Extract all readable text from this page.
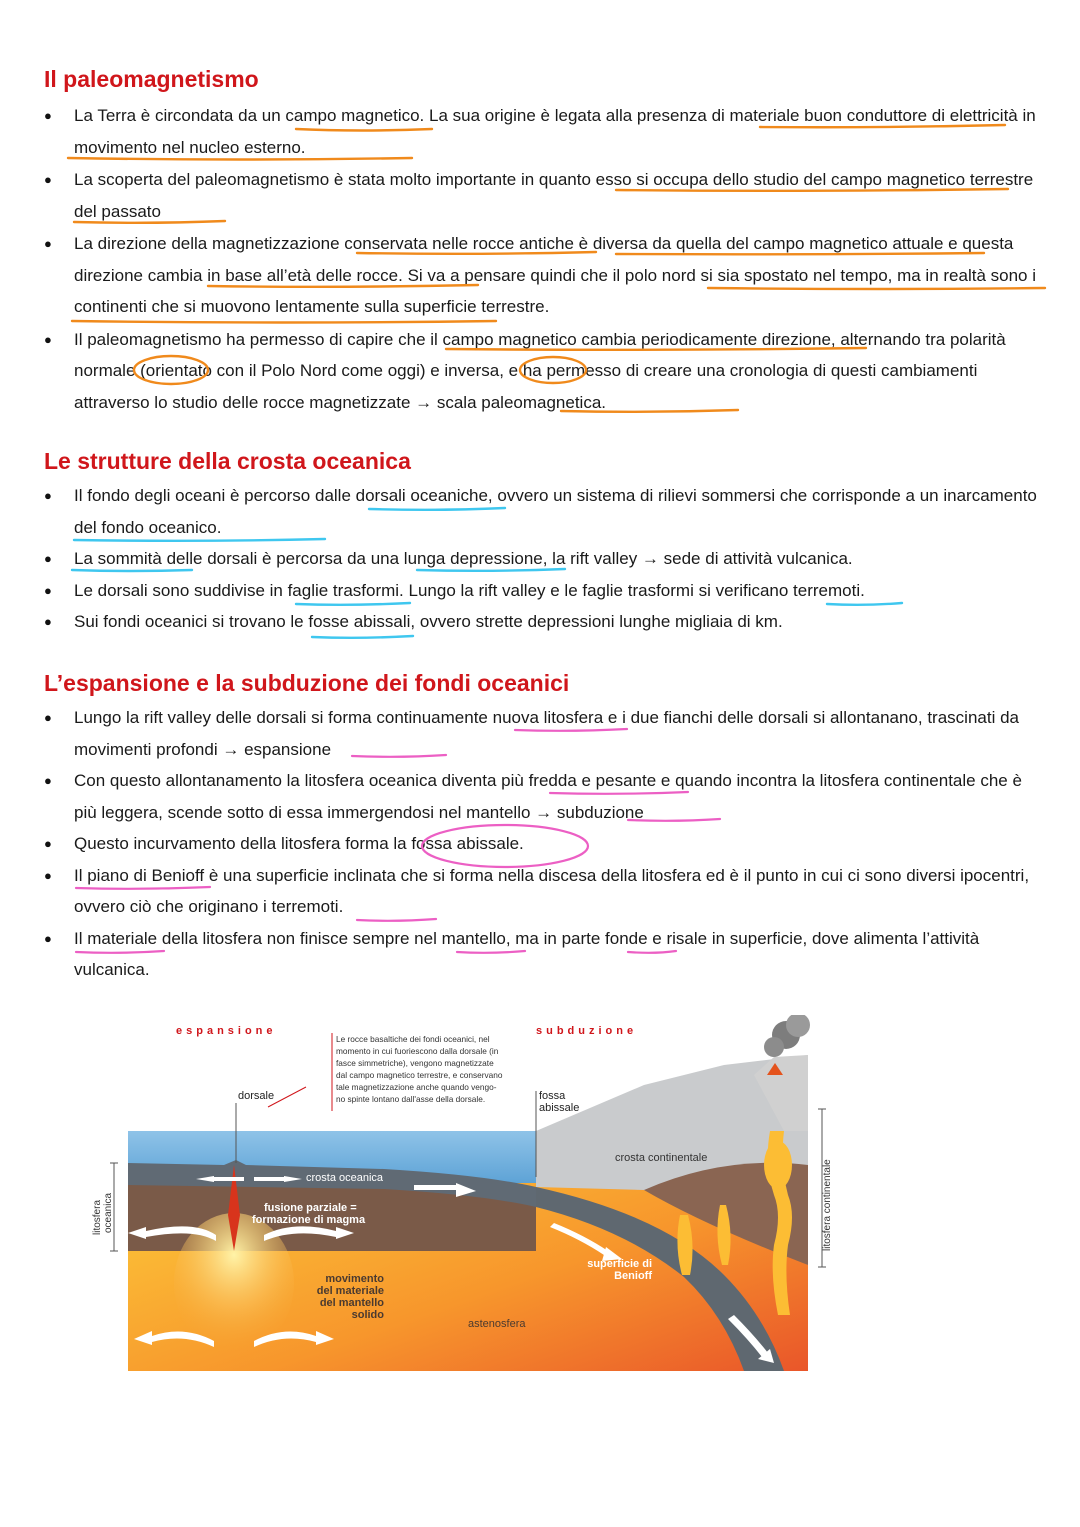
Il paleomagnetismo
● La Terra è circondata da un campo magnetico. La sua origine è legata alla presenza di materiale buon conduttore di elettricità in movimento nel nucleo esterno.
● La scoperta del paleomagnetismo è stata molto importante in quanto esso si occupa dello studio del campo magnetico terrestre del passato
● La direzione della magnetizzazione conservata nelle rocce antiche è diversa da quella del campo magnetico attuale e questa direzione cambia in base all’età delle rocce. Si va a pensare quindi che il polo nord si sia spostato nel tempo, ma in realtà sono i continenti che si muovono lentamente sulla superficie terrestre.
● Il paleomagnetismo ha permesso di capire che il campo magnetico cambia periodicamente direzione, alternando tra polarità normale (orientato con il Polo Nord come oggi) e inversa, e ha permesso di creare una cronologia di questi cambiamenti attraverso lo studio delle rocce magnetizzate → scala paleomagnetica.
Le strutture della crosta oceanica
● Il fondo degli oceani è percorso dalle dorsali oceaniche, ovvero un sistema di rilievi sommersi che corrisponde a un inarcamento del fondo oceanico.
● La sommità delle dorsali è percorsa da una lunga depressione, la rift valley → sede di attività vulcanica.
● Le dorsali sono suddivise in faglie trasformi. Lungo la rift valley e le faglie trasformi si verificano terremoti.
● Sui fondi oceanici si trovano le fosse abissali, ovvero strette depressioni lunghe migliaia di km.
L’espansione e la subduzione dei fondi oceanici
● Lungo la rift valley delle dorsali si forma continuamente nuova litosfera e i due fianchi delle dorsali si allontanano, trascinati da movimenti profondi → espansione
● Con questo allontanamento la litosfera oceanica diventa più fredda e pesante e quando incontra la litosfera continentale che è più leggera, scende sotto di essa immergendosi nel mantello → subduzione
● Questo incurvamento della litosfera forma la fossa abissale.
● Il piano di Benioff è una superficie inclinata che si forma nella discesa della litosfera ed è il punto in cui ci sono diversi ipocentri, ovvero ciò che originano i terremoti.
● Il materiale della litosfera non finisce sempre nel mantello, ma in parte fonde e risale in superficie, dove alimenta l’attività vulcanica.
espansione	subduzione
Le rocce basaltiche dei fondi oceanici, nel
momento in cui fuoriescono dalla dorsale (in
fasce simmetriche), vengono magnetizzate
dal campo magnetico terrestre, e conservano
tale magnetizzazione anche quando vengo-
no spinte lontano dall'asse della dorsale.
dorsale	fossa
abissale
crosta oceanica
crosta continentale
fusione parziale =
formazione di magma
movimento
del materiale
del mantello
solido
superficie di
Benioff
astenosfera
litosfera oceanica	litosfera continentale
